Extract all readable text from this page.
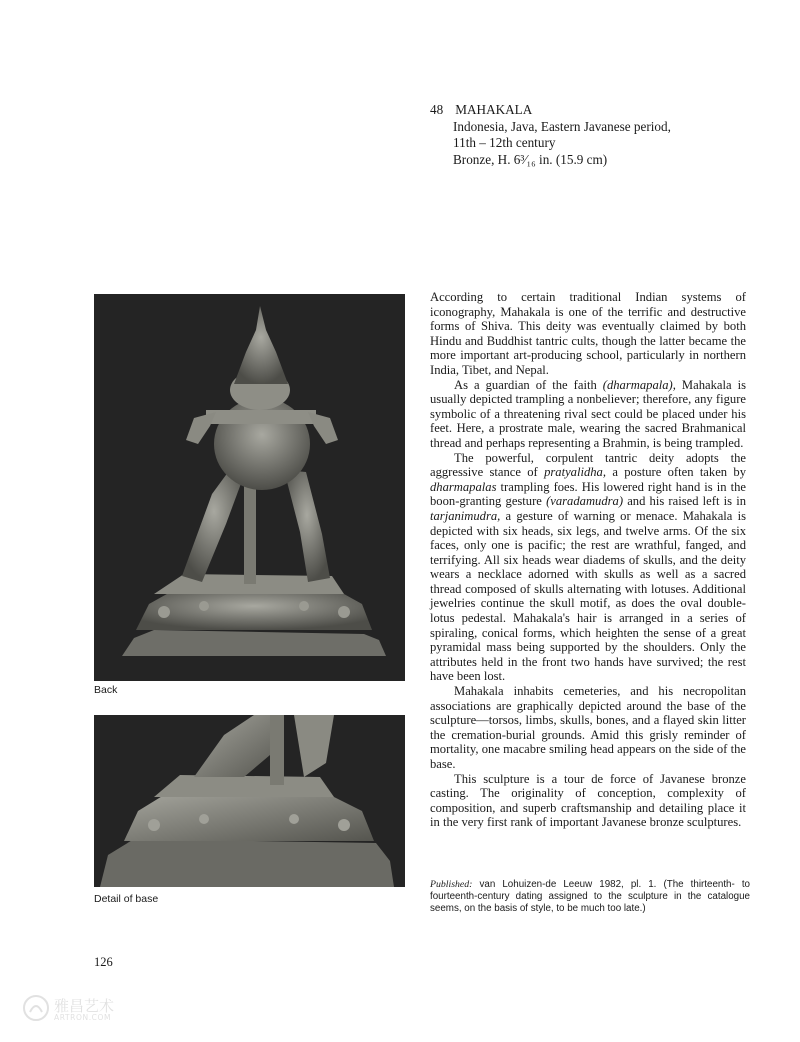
48 MAHAKALA
Indonesia, Java, Eastern Javanese period,
11th – 12th century
Bronze, H. 6³⁄₁₆ in. (15.9 cm)
Back
Detail of base

According to certain traditional Indian systems of iconography, Mahakala is one of the terrific and destructive forms of Shiva. This deity was eventually claimed by both Hindu and Buddhist tantric cults, though the latter became the more important art-producing school, particularly in northern India, Tibet, and Nepal.

As a guardian of the faith (dharmapala), Mahakala is usually depicted trampling a nonbeliever; therefore, any figure symbolic of a threatening rival sect could be placed under his feet. Here, a prostrate male, wearing the sacred Brahmanical thread and perhaps representing a Brahmin, is being trampled.

The powerful, corpulent tantric deity adopts the aggressive stance of pratyalidha, a posture often taken by dharmapalas trampling foes. His lowered right hand is in the boon-granting gesture (varadamudra) and his raised left is in tarjanimudra, a gesture of warning or menace. Mahakala is depicted with six heads, six legs, and twelve arms. Of the six faces, only one is pacific; the rest are wrathful, fanged, and terrifying. All six heads wear diadems of skulls, and the deity wears a necklace adorned with skulls as well as a sacred thread composed of skulls alternating with lotuses. Additional jewelries continue the skull motif, as does the oval double-lotus pedestal. Mahakala's hair is arranged in a series of spiraling, conical forms, which heighten the sense of a great pyramidal mass being supported by the shoulders. Only the attributes held in the front two hands have survived; the rest have been lost.

Mahakala inhabits cemeteries, and his necropolitan associations are graphically depicted around the base of the sculpture—torsos, limbs, skulls, bones, and a flayed skin litter the cremation-burial grounds. Amid this grisly reminder of mortality, one macabre smiling head appears on the side of the base.

This sculpture is a tour de force of Javanese bronze casting. The originality of conception, complexity of composition, and superb craftsmanship and detailing place it in the very first rank of important Javanese bronze sculptures.

Published: van Lohuizen-de Leeuw 1982, pl. 1. (The thirteenth- to fourteenth-century dating assigned to the sculpture in the catalogue seems, on the basis of style, to be much too late.)
126
雅昌艺术
ARTRON.COM
